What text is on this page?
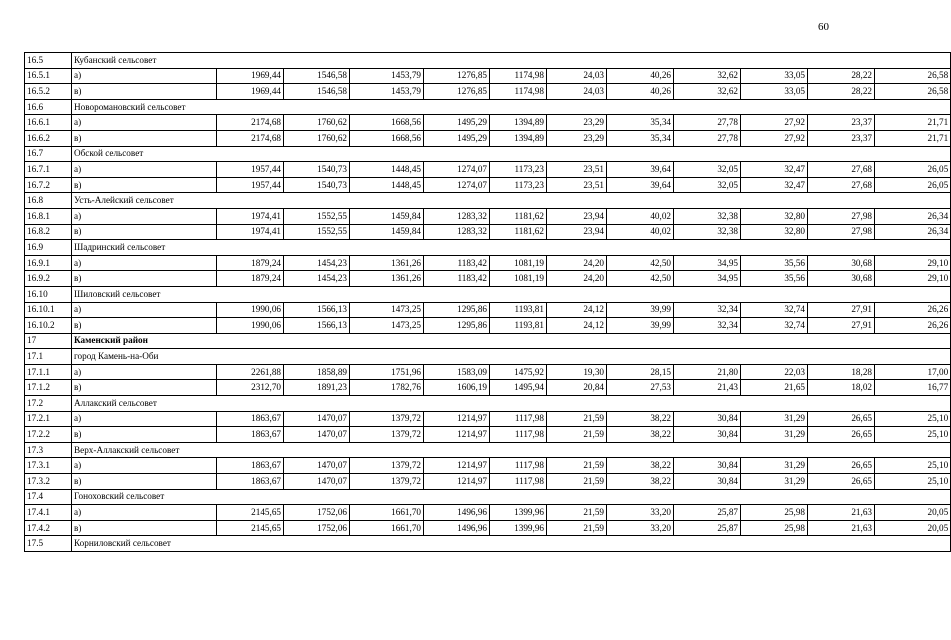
60
16.5	Кубанский сельсовет											
16.5.1	а)	1969,44	1546,58	1453,79	1276,85	1174,98	24,03	40,26	32,62	33,05	28,22	26,58
16.5.2	в)	1969,44	1546,58	1453,79	1276,85	1174,98	24,03	40,26	32,62	33,05	28,22	26,58
16.6	Новоромановский сельсовет											
16.6.1	а)	2174,68	1760,62	1668,56	1495,29	1394,89	23,29	35,34	27,78	27,92	23,37	21,71
16.6.2	в)	2174,68	1760,62	1668,56	1495,29	1394,89	23,29	35,34	27,78	27,92	23,37	21,71
16.7	Обской сельсовет											
16.7.1	а)	1957,44	1540,73	1448,45	1274,07	1173,23	23,51	39,64	32,05	32,47	27,68	26,05
16.7.2	в)	1957,44	1540,73	1448,45	1274,07	1173,23	23,51	39,64	32,05	32,47	27,68	26,05
16.8	Усть-Алейский сельсовет											
16.8.1	а)	1974,41	1552,55	1459,84	1283,32	1181,62	23,94	40,02	32,38	32,80	27,98	26,34
16.8.2	в)	1974,41	1552,55	1459,84	1283,32	1181,62	23,94	40,02	32,38	32,80	27,98	26,34
16.9	Шадринский сельсовет											
16.9.1	а)	1879,24	1454,23	1361,26	1183,42	1081,19	24,20	42,50	34,95	35,56	30,68	29,10
16.9.2	в)	1879,24	1454,23	1361,26	1183,42	1081,19	24,20	42,50	34,95	35,56	30,68	29,10
16.10	Шиловский сельсовет											
16.10.1	а)	1990,06	1566,13	1473,25	1295,86	1193,81	24,12	39,99	32,34	32,74	27,91	26,26
16.10.2	в)	1990,06	1566,13	1473,25	1295,86	1193,81	24,12	39,99	32,34	32,74	27,91	26,26
17	Каменский район											
17.1	город Камень-на-Оби											
17.1.1	а)	2261,88	1858,89	1751,96	1583,09	1475,92	19,30	28,15	21,80	22,03	18,28	17,00
17.1.2	в)	2312,70	1891,23	1782,76	1606,19	1495,94	20,84	27,53	21,43	21,65	18,02	16,77
17.2	Аллакский сельсовет											
17.2.1	а)	1863,67	1470,07	1379,72	1214,97	1117,98	21,59	38,22	30,84	31,29	26,65	25,10
17.2.2	в)	1863,67	1470,07	1379,72	1214,97	1117,98	21,59	38,22	30,84	31,29	26,65	25,10
17.3	Верх-Аллакский сельсовет											
17.3.1	а)	1863,67	1470,07	1379,72	1214,97	1117,98	21,59	38,22	30,84	31,29	26,65	25,10
17.3.2	в)	1863,67	1470,07	1379,72	1214,97	1117,98	21,59	38,22	30,84	31,29	26,65	25,10
17.4	Гоноховский сельсовет											
17.4.1	а)	2145,65	1752,06	1661,70	1496,96	1399,96	21,59	33,20	25,87	25,98	21,63	20,05
17.4.2	в)	2145,65	1752,06	1661,70	1496,96	1399,96	21,59	33,20	25,87	25,98	21,63	20,05
17.5	Корниловский сельсовет											
